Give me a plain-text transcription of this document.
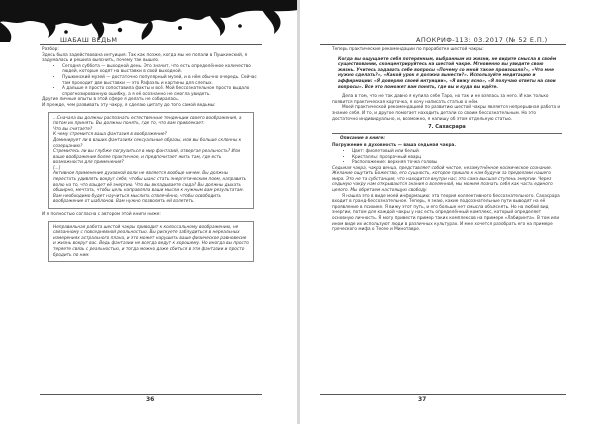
ШАБАШ ВЕДЬМ

Разбор:

Здесь была задействована интуиция. Так как позже, когда мы не попали в Пушкинский, я задумалась и решила выяснить, почему так вышло.

• Сегодня суббота — выходной день. Это значит, что есть определённое количество людей, которые ходят на выставки в свой выходной.
• Пушкинский музей — достаточно популярный музей, и в нём обычно очередь. Сейчас там проходит две выставки — это Рафаэль и картины для слепых.
• А дальше я просто сопоставила факты и всё. Мой бессознательное просто выдало спрогнозированную ошибку, а я её осознанно не смогла увидеть.

Другие личные опыты в этой сфере я делать не собиралась.

И прежде, чем развивать эту чакру, я сделаю цитату до того самой ведьмы:

...Сначала вы должны распознать естественные тенденции своего воображения, а потом их принять. Вы должны понять, где то, что вам привлекает.

Что вы считаете?

К чему стремится ваша фантазия в воображение?

Доминирует ли в ваших фантазиях сексуальные образы, или вы больше склонны к созерцанию?

Стремитесь ли вы глубже погрузиться в мир фантазий, отвергая реальность? Или ваше воображение более практичное, и предпочитает жить там, где есть возможности для применения?

[...]

Активное применение духовной воли не является вообще ничем. Вы должны перестать удивлять вокруг себя, чтобы шанс стать энергетическим поем, направить волю на то, что взыдет её энергию. Что вы вкладываете сюда? Вы должны дыхать обширно, мечтать, чтобы цель направляла ваши мысли к нужным вам результатам.

Вам необходимо будет научиться мыслить отвлечённо, чтобы освободить воображение от шаблонов. Вам нужно позволить ей взлететь.

И я полностью согласна с автором этой книги ниже:

Неправильная работа шестой чакры приводит к колоссальному воображению, не связанному с повседневной реальностью. Вы рискуете заблудиться в нереальных измерениях астрального плана, и это может нарушить ваше физическое равновесие и жизнь вокруг вас. Ведь фантазии не всегда ведут к хорошему. Но иногда вы просто теряете связь с реальностью, и тогда можно даже сбиться в эти фантазии и просто бродить по ним.

36
АПОКРИФ-113: 03.2017 (№ 52 Е.П.)

Теперь практические рекомендации по проработке шестой чакры:

Когда вы ощущаете себя потерянным, выбранным из жизни, не видите смысла в своём существовании, сконцентрируйтесь на шестой чакре. Мгновенно вы увидите свою жизнь. Учитесь задавать себе вопросы «Почему со мной такое произошло?», «Что мне нужно сделать?», «Какой урок я должна вынести?». Используйте медитацию и аффирмации: «Я доверяю своей интуиции», «Я вижу ясно», «Я получаю ответы на свои вопросы». Все это поможет вам понять, где вы и куда вы идёте.

Дела в том, что не так давно я купила себе Таро, но так и не взялась за него. И как только появится практическая карточка, я хочу написать статью о нём.

Моей практической рекомендацией по развитию шестой чакры является непрерывная работа и знание себя. И то, и другое помогает находить детали со своим бессознательным. Но это достаточно индивидуально, и, возможно, я напишу об этом отдельную статью.

7. Сахасрара

Описание в книге:

Погружение в духовность — ваша седьмая чакра.

• Цвет: фиолетовый или белый
• Кристаллы: прозрачный кварц
• Расположение: верхняя точка головы

Седьмая чакра, чакра венца, представляет собой чистое, незамутнённое космическое сознание. Желание ощутить Божество, его сущность, которое пришло к нам будучи за пределами нашего мира. Это не та субстанция, что находится внутри нас; это сама высшая ступень энергии. Через седьмую чакру нам открываются знания о вселенной, мы можем познать себя как часть единого целого. Мы обретаем настоящую свободу.

Я нашла это в виде моей информацию: эта теория коллективного бессознательного. Сахасрара входит в гранд-бессознательное. Теперь, я знаю, какие подсознательные пути выводят на её проявление в психике. Я вижу этот путь, и его больше нет смысла объяснять. Но на любой вид энергии, потом для каждой чакры у нас есть определённый комплекс, который определяет основную личность. Я могу привести пример таких комплексов на примере «Лабиринта». В том или ином виде их используют люди в различных культурах. И мне хочется разобрать его на примере греческого мифа о Тесее и Минотавре.

37
